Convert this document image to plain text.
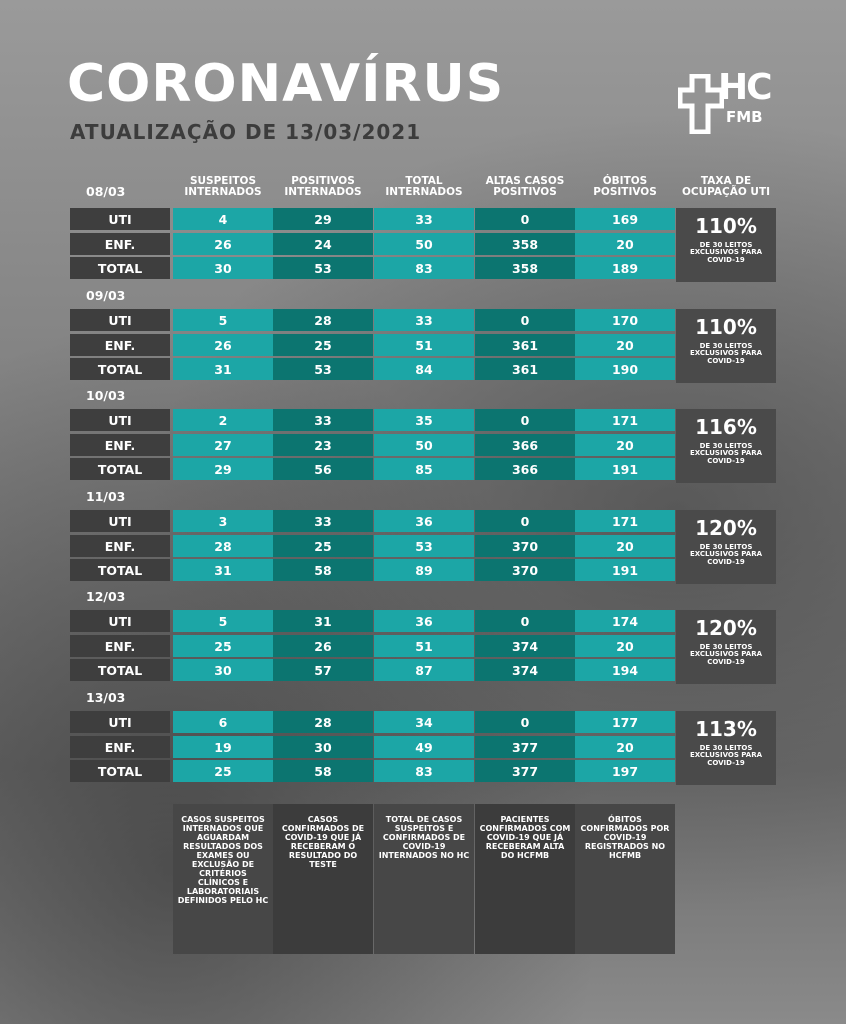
CORONAVÍRUS
ATUALIZAÇÃO DE 13/03/2021
HC
FMB
SUSPEITOS INTERNADOS
POSITIVOS INTERNADOS
TOTAL INTERNADOS
ALTAS CASOS POSITIVOS
ÓBITOS POSITIVOS
TAXA DE OCUPAÇÃO UTI
08/03
UTI	4	29	33	0	169
ENF.	26	24	50	358	20
TOTAL	30	53	83	358	189
110%
DE 30 LEITOS EXCLUSIVOS PARA COVID-19
09/03
UTI	5	28	33	0	170
ENF.	26	25	51	361	20
TOTAL	31	53	84	361	190
110%
DE 30 LEITOS EXCLUSIVOS PARA COVID-19
10/03
UTI	2	33	35	0	171
ENF.	27	23	50	366	20
TOTAL	29	56	85	366	191
116%
DE 30 LEITOS EXCLUSIVOS PARA COVID-19
11/03
UTI	3	33	36	0	171
ENF.	28	25	53	370	20
TOTAL	31	58	89	370	191
120%
DE 30 LEITOS EXCLUSIVOS PARA COVID-19
12/03
UTI	5	31	36	0	174
ENF.	25	26	51	374	20
TOTAL	30	57	87	374	194
120%
DE 30 LEITOS EXCLUSIVOS PARA COVID-19
13/03
UTI	6	28	34	0	177
ENF.	19	30	49	377	20
TOTAL	25	58	83	377	197
113%
DE 30 LEITOS EXCLUSIVOS PARA COVID-19
CASOS SUSPEITOS INTERNADOS QUE AGUARDAM RESULTADOS DOS EXAMES OU EXCLUSÃO DE CRITÉRIOS CLÍNICOS E LABORATORIAIS DEFINIDOS PELO HC
CASOS CONFIRMADOS DE COVID-19 QUE JÁ RECEBERAM O RESULTADO DO TESTE
TOTAL DE CASOS SUSPEITOS E CONFIRMADOS DE COVID-19 INTERNADOS NO HC
PACIENTES CONFIRMADOS COM COVID-19 QUE JÁ RECEBERAM ALTA DO HCFMB
ÓBITOS CONFIRMADOS POR COVID-19 REGISTRADOS NO HCFMB
